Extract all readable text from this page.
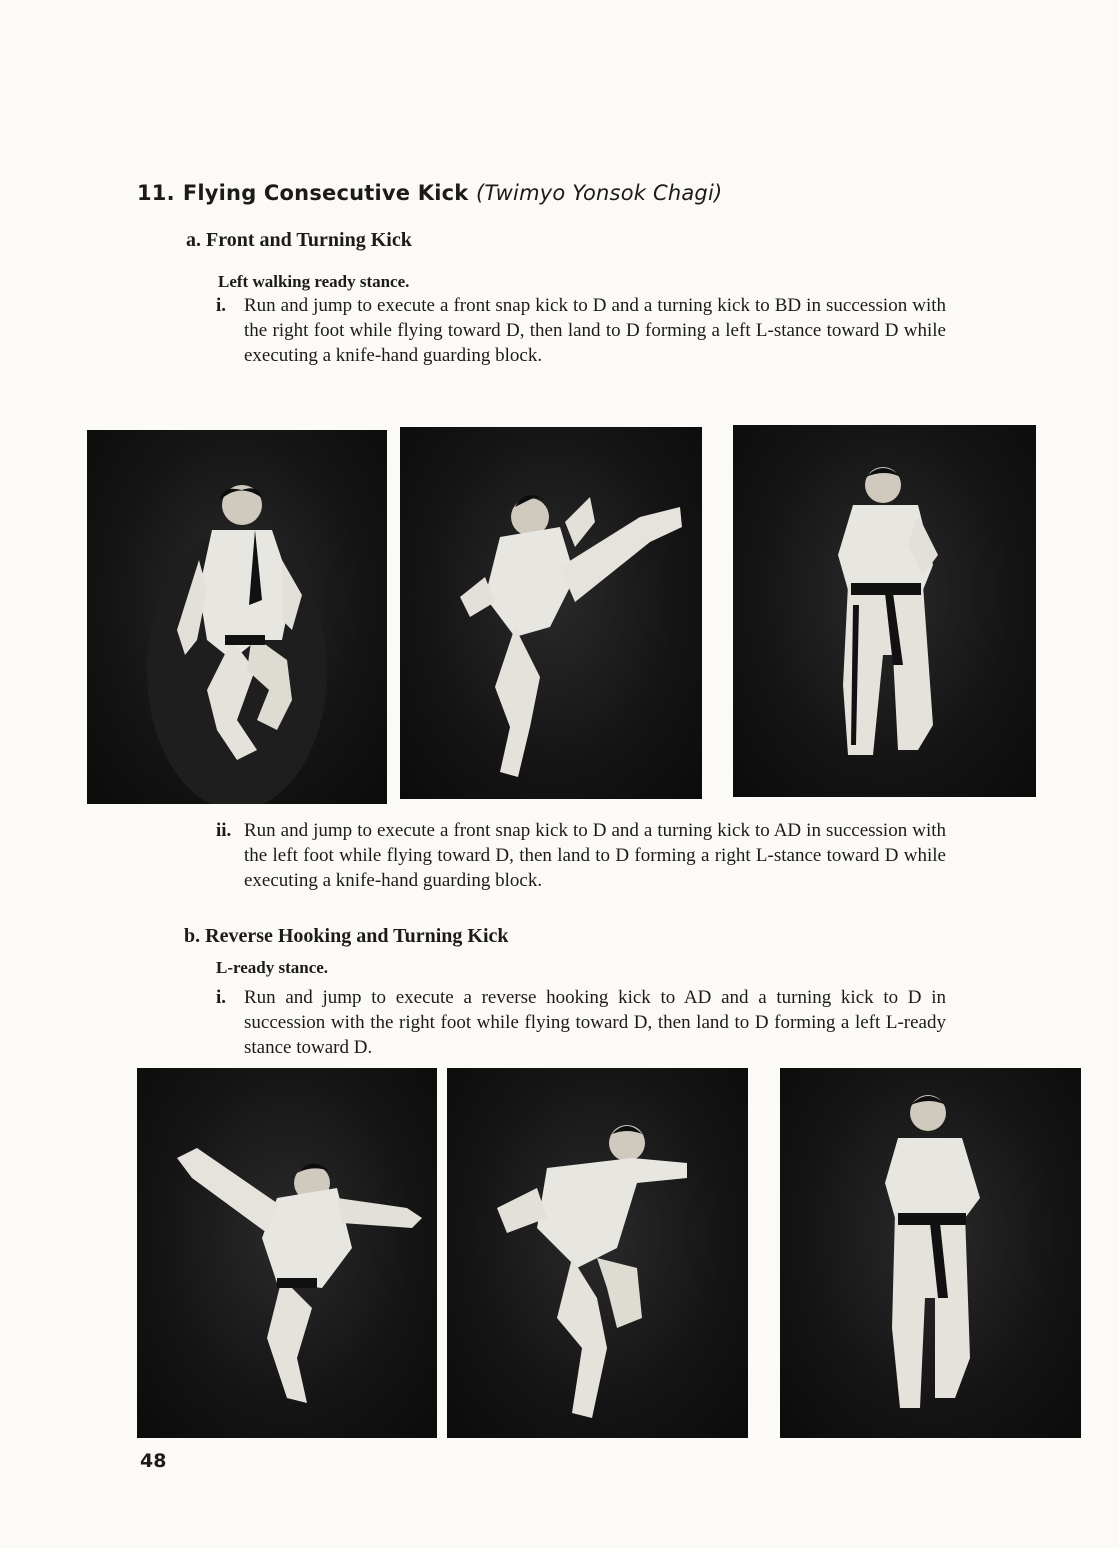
11. Flying Consecutive Kick (Twimyo Yonsok Chagi)
a. Front and Turning Kick
Left walking ready stance.
i. Run and jump to execute a front snap kick to D and a turning kick to BD in succession with the right foot while flying toward D, then land to D forming a left L-stance toward D while executing a knife-hand guarding block.
ii. Run and jump to execute a front snap kick to D and a turning kick to AD in succession with the left foot while flying toward D, then land to D forming a right L-stance toward D while executing a knife-hand guarding block.
b. Reverse Hooking and Turning Kick
L-ready stance.
i. Run and jump to execute a reverse hooking kick to AD and a turning kick to D in succession with the right foot while flying toward D, then land to D forming a left L-ready stance toward D.
48
